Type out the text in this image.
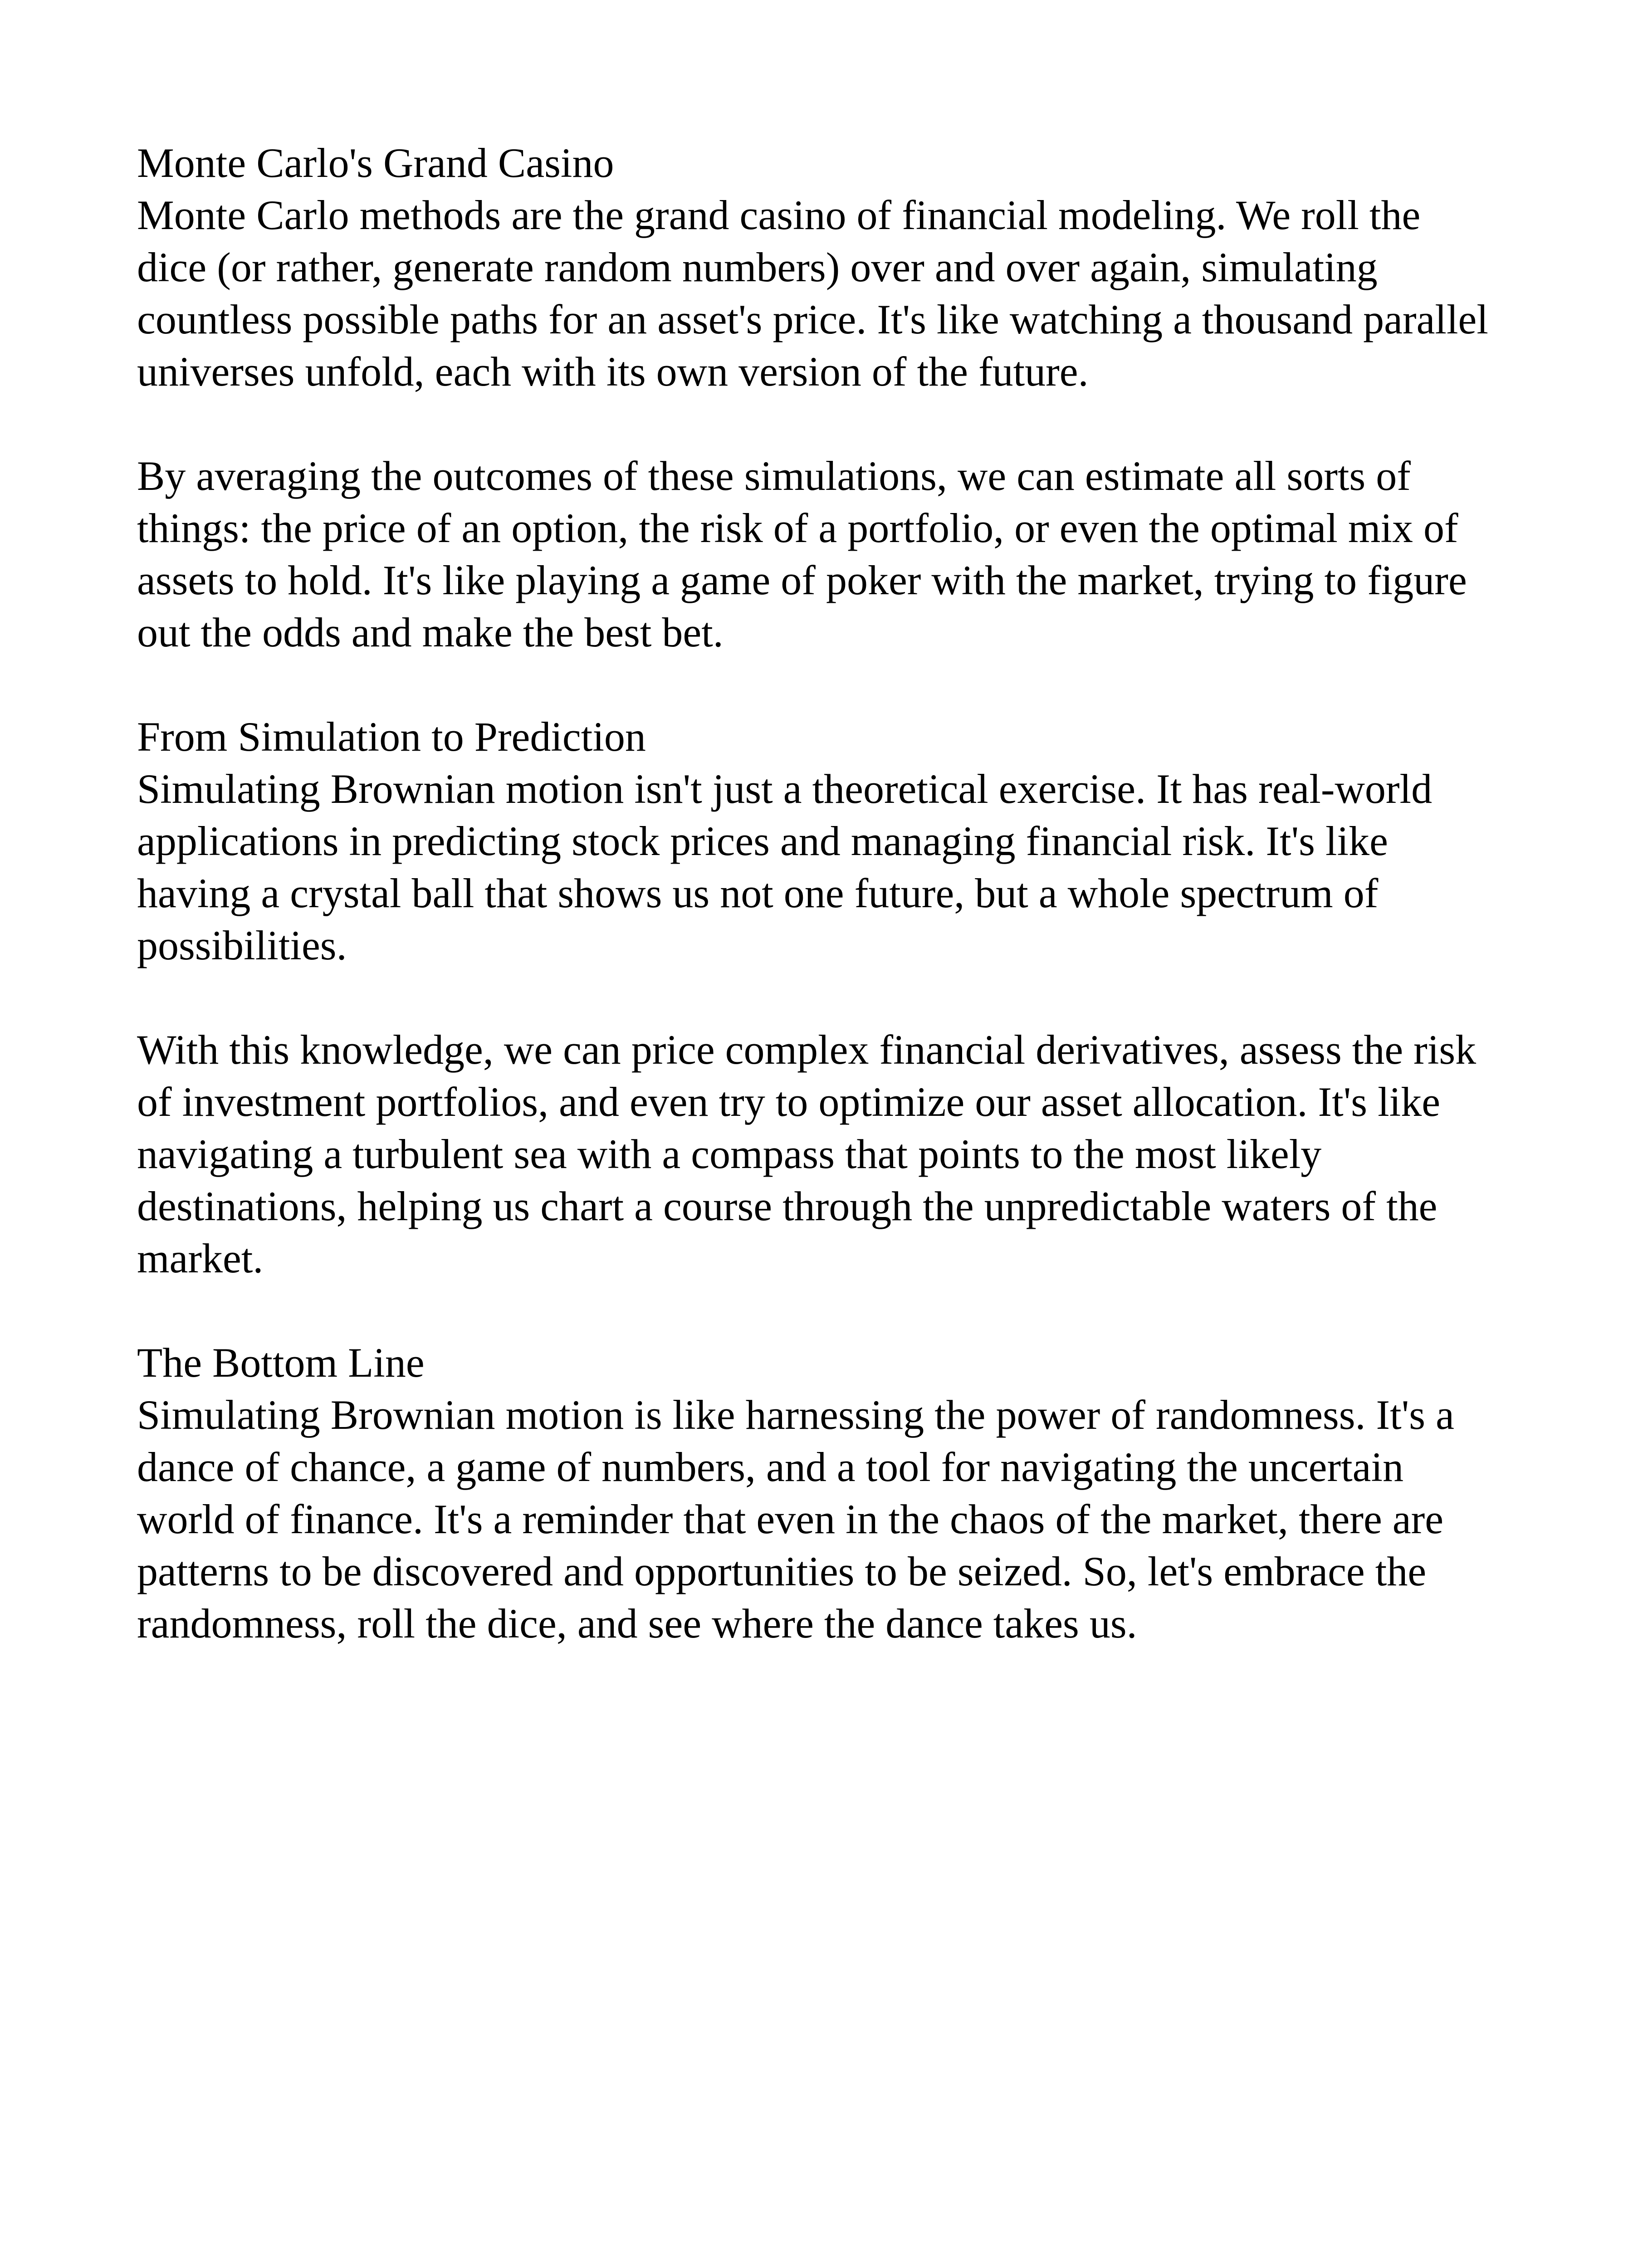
Monte Carlo's Grand Casino

Monte Carlo methods are the grand casino of financial modeling. We roll the dice (or rather, generate random numbers) over and over again, simulating countless possible paths for an asset's price. It's like watching a thousand parallel universes unfold, each with its own version of the future.

By averaging the outcomes of these simulations, we can estimate all sorts of things: the price of an option, the risk of a portfolio, or even the optimal mix of assets to hold. It's like playing a game of poker with the market, trying to figure out the odds and make the best bet.

From Simulation to Prediction

Simulating Brownian motion isn't just a theoretical exercise. It has real-world applications in predicting stock prices and managing financial risk. It's like having a crystal ball that shows us not one future, but a whole spectrum of possibilities.

With this knowledge, we can price complex financial derivatives, assess the risk of investment portfolios, and even try to optimize our asset allocation. It's like navigating a turbulent sea with a compass that points to the most likely destinations, helping us chart a course through the unpredictable waters of the market.

The Bottom Line

Simulating Brownian motion is like harnessing the power of randomness. It's a dance of chance, a game of numbers, and a tool for navigating the uncertain world of finance. It's a reminder that even in the chaos of the market, there are patterns to be discovered and opportunities to be seized. So, let's embrace the randomness, roll the dice, and see where the dance takes us.
